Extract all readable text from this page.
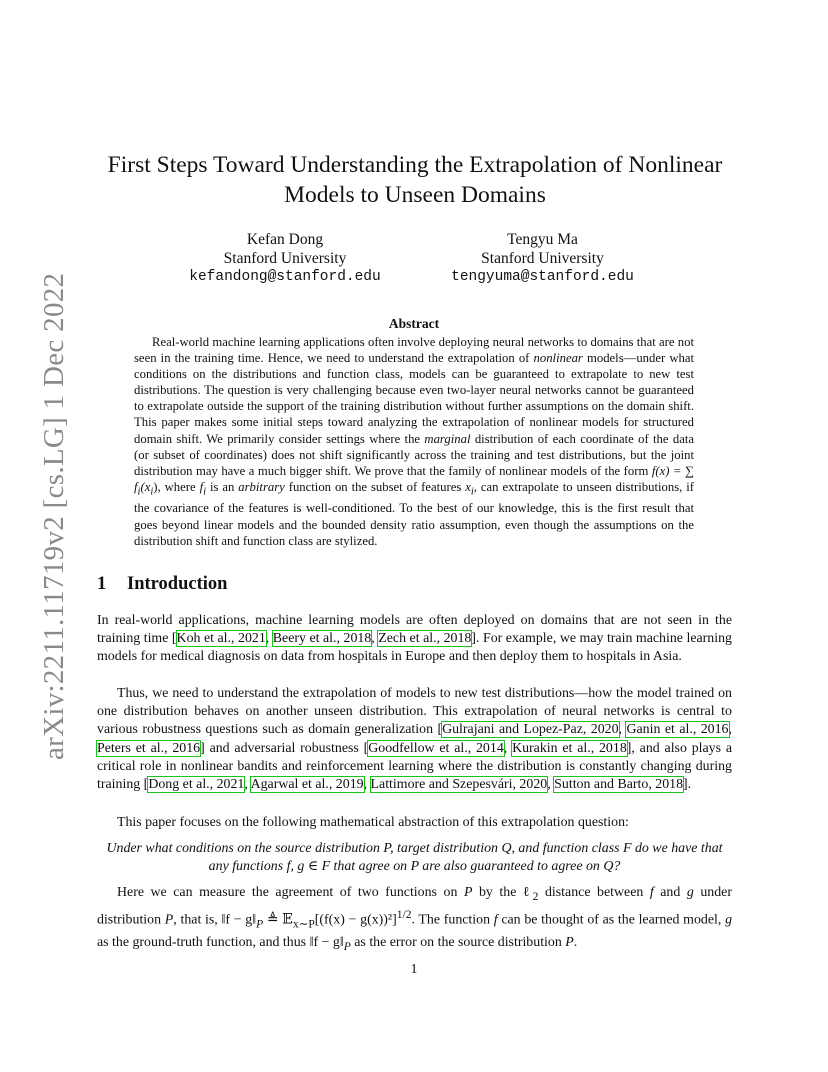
arXiv:2211.11719v2 [cs.LG] 1 Dec 2022
First Steps Toward Understanding the Extrapolation of Nonlinear Models to Unseen Domains
Kefan Dong
Stanford University
kefandong@stanford.edu
Tengyu Ma
Stanford University
tengyuma@stanford.edu
Abstract

Real-world machine learning applications often involve deploying neural networks to domains that are not seen in the training time. Hence, we need to understand the extrapolation of nonlinear models—under what conditions on the distributions and function class, models can be guaranteed to extrapolate to new test distributions. The question is very challenging because even two-layer neural networks cannot be guaranteed to extrapolate outside the support of the training distribution without further assumptions on the domain shift. This paper makes some initial steps toward analyzing the extrapolation of nonlinear models for structured domain shift. We primarily consider settings where the marginal distribution of each coordinate of the data (or subset of coordinates) does not shift significantly across the training and test distributions, but the joint distribution may have a much bigger shift. We prove that the family of nonlinear models of the form f(x) = ∑ $f_i(x_i)$, where $f_i$ is an arbitrary function on the subset of features $x_i$, can extrapolate to unseen distributions, if the covariance of the features is well-conditioned. To the best of our knowledge, this is the first result that goes beyond linear models and the bounded density ratio assumption, even though the assumptions on the distribution shift and function class are stylized.

1 Introduction

In real-world applications, machine learning models are often deployed on domains that are not seen in the training time [Koh et al., 2021, Beery et al., 2018, Zech et al., 2018]. For example, we may train machine learning models for medical diagnosis on data from hospitals in Europe and then deploy them to hospitals in Asia.

Thus, we need to understand the extrapolation of models to new test distributions—how the model trained on one distribution behaves on another unseen distribution. This extrapolation of neural networks is central to various robustness questions such as domain generalization [Gulrajani and Lopez-Paz, 2020, Ganin et al., 2016, Peters et al., 2016] and adversarial robustness [Goodfellow et al., 2014, Kurakin et al., 2018], and also plays a critical role in nonlinear bandits and reinforcement learning where the distribution is constantly changing during training [Dong et al., 2021, Agarwal et al., 2019, Lattimore and Szepesvári, 2020, Sutton and Barto, 2018].

This paper focuses on the following mathematical abstraction of this extrapolation question:

Under what conditions on the source distribution P, target distribution Q, and function class F do we have that any functions f, g ∈ F that agree on P are also guaranteed to agree on Q?

Here we can measure the agreement of two functions on P by the ℓ$_2$ distance between f and g under distribution P, that is, ‖f − $g‖_P$ ≜ 𝔼$_{x\sim P}$[(f(x) − g(x))²]$^{1/2}$. The function f can be thought of as the learned model, g as the ground-truth function, and thus ‖f − $g‖_P$ as the error on the source distribution P.

1
